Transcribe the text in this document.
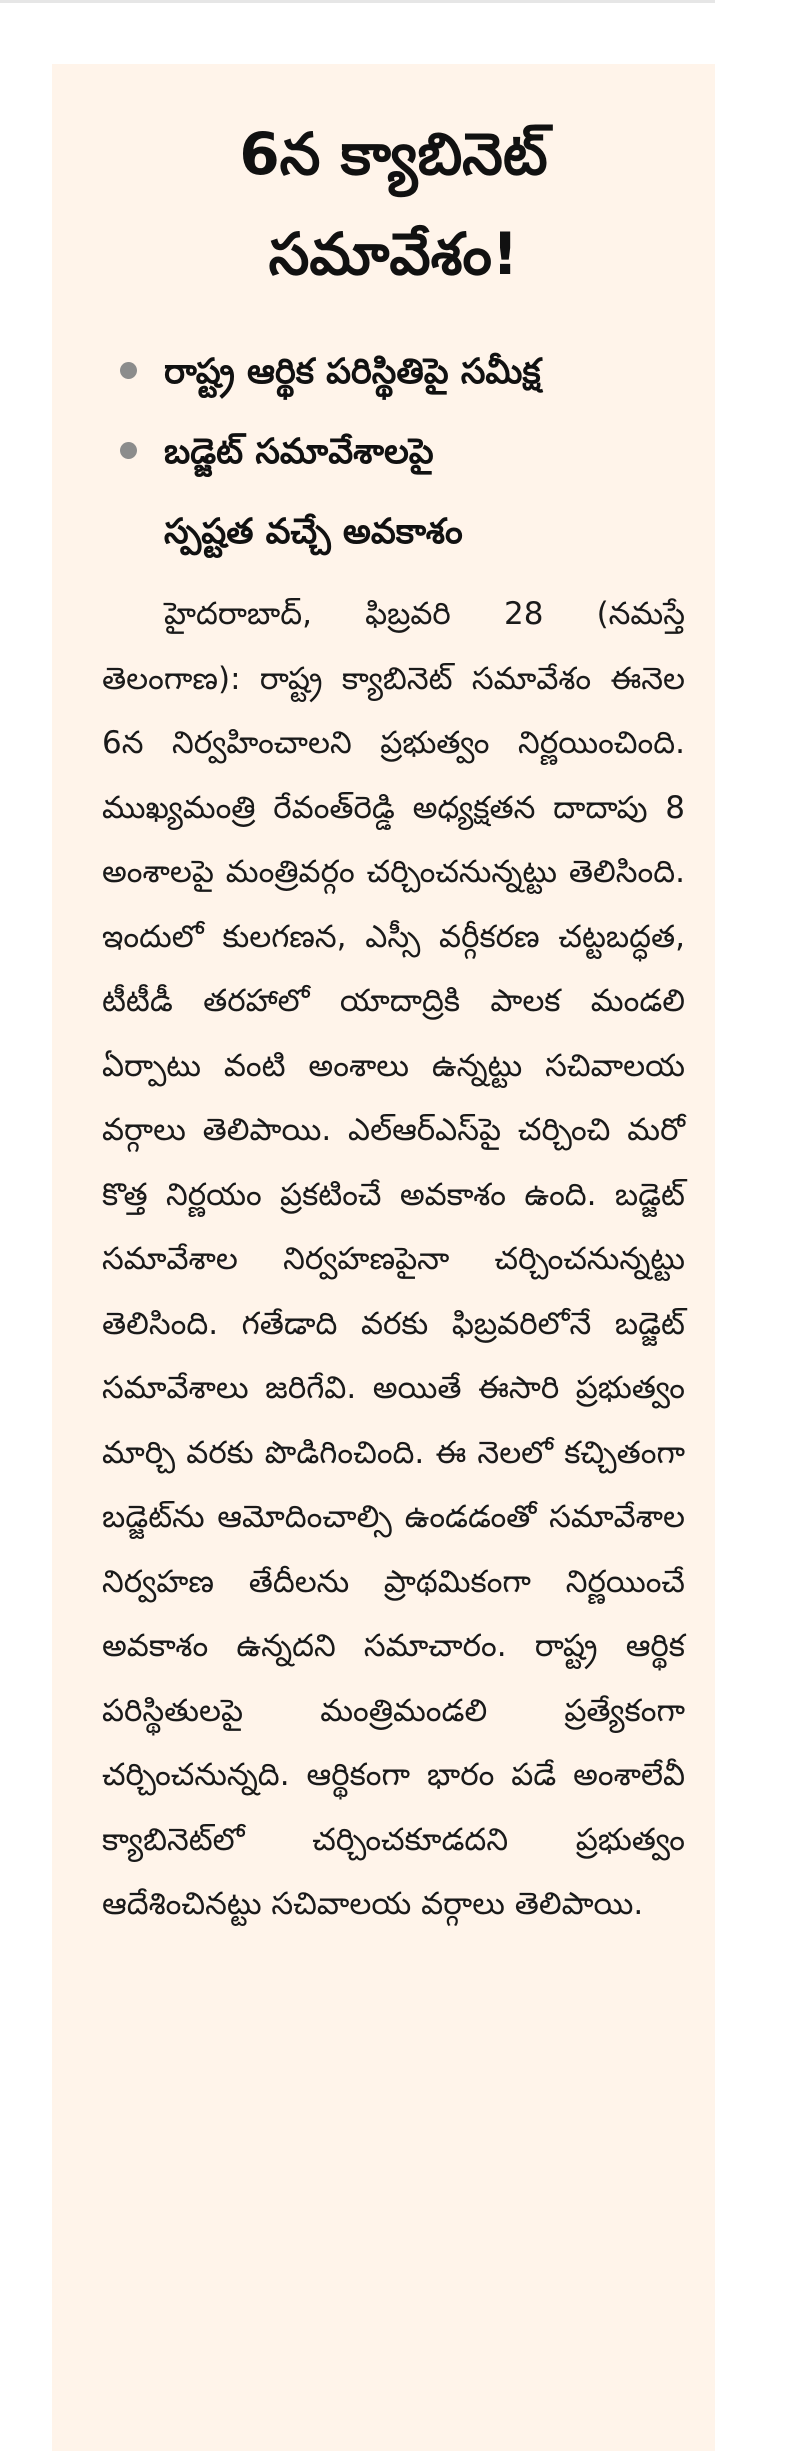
6న క్యాబినెట్
సమావేశం!
రాష్ట్ర ఆర్థిక పరిస్థితిపై సమీక్ష
బడ్జెట్ సమావేశాలపై
స్పష్టత వచ్చే అవకాశం

హైదరాబాద్, ఫిబ్రవరి 28 (నమస్తే తెలంగాణ): రాష్ట్ర క్యాబినెట్ సమావేశం ఈనెల 6న నిర్వహించాలని ప్రభుత్వం నిర్ణయించింది. ముఖ్యమంత్రి రేవంత్‌రెడ్డి అధ్యక్షతన దాదాపు 8 అంశాలపై మంత్రివర్గం చర్చించనున్నట్టు తెలిసింది. ఇందులో కులగణన, ఎస్సీ వర్గీకరణ చట్టబద్ధత, టీటీడీ తరహాలో యాదాద్రికి పాలక మండలి ఏర్పాటు వంటి అంశాలు ఉన్నట్టు సచివాలయ వర్గాలు తెలిపాయి. ఎల్‌ఆర్‌ఎస్‌పై చర్చించి మరో కొత్త నిర్ణయం ప్రకటించే అవకాశం ఉంది. బడ్జెట్ సమావేశాల నిర్వహణపైనా చర్చించనున్నట్టు తెలిసింది. గతేడాది వరకు ఫిబ్రవరిలోనే బడ్జెట్ సమావేశాలు జరిగేవి. అయితే ఈసారి ప్రభుత్వం మార్చి వరకు పొడిగించింది. ఈ నెలలో కచ్చితంగా బడ్జెట్‌ను ఆమోదించాల్సి ఉండడంతో సమావేశాల నిర్వహణ తేదీలను ప్రాథమికంగా నిర్ణయించే అవకాశం ఉన్నదని సమాచారం. రాష్ట్ర ఆర్థిక పరిస్థితులపై మంత్రిమండలి ప్రత్యేకంగా చర్చించనున్నది. ఆర్థికంగా భారం పడే అంశాలేవీ క్యాబినెట్‌లో చర్చించకూడదని ప్రభుత్వం ఆదేశించినట్టు సచివాలయ వర్గాలు తెలిపాయి.
